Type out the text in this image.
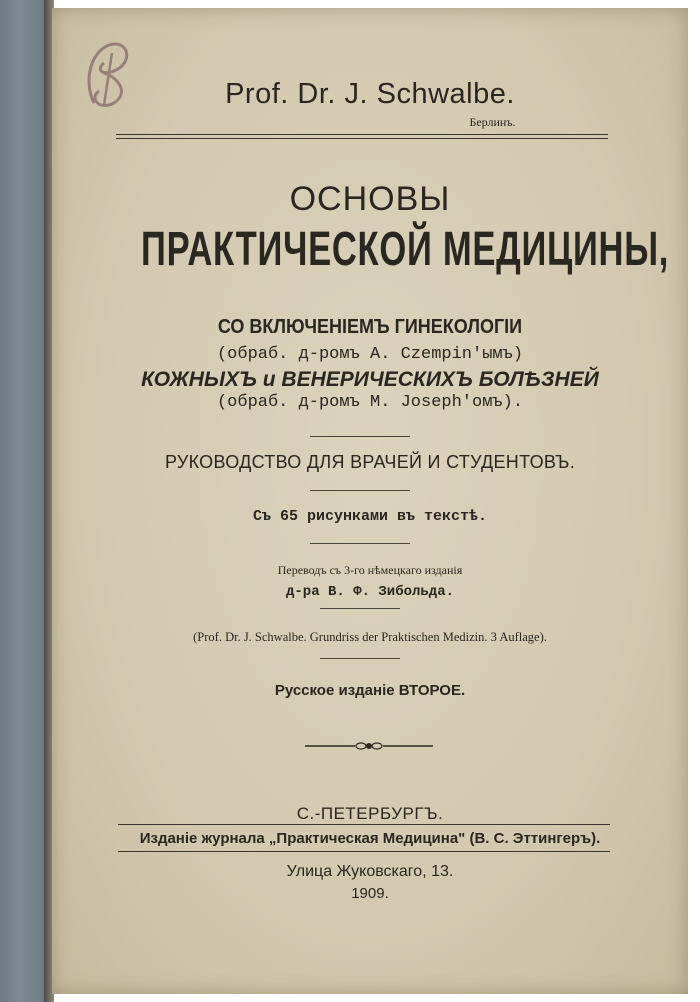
Prof. Dr. J. Schwalbe.
Берлинъ.
ОСНОВЫ
ПРАКТИЧЕСКОЙ МЕДИЦИНЫ,
СО ВКЛЮЧЕНІЕМЪ ГИНЕКОЛОГІИ
(обраб. д-ромъ А. Czempin'ымъ)
КОЖНЫХЪ и ВЕНЕРИЧЕСКИХЪ БОЛѢЗНЕЙ
(обраб. д-ромъ М. Joseph'омъ).
РУКОВОДСТВО ДЛЯ ВРАЧЕЙ И СТУДЕНТОВЪ.
Съ 65 рисунками въ текстѣ.
Переводъ съ 3-го нѣмецкаго изданія
д-ра В. Ф. Зибольда.
(Prof. Dr. J. Schwalbe. Grundriss der Praktischen Medizin. 3 Auflage).
Русское изданіе ВТОРОЕ.
С.-ПЕТЕРБУРГЪ.
Изданіе журнала „Практическая Медицина" (В. С. Эттингеръ).
Улица Жуковскаго, 13.
1909.
